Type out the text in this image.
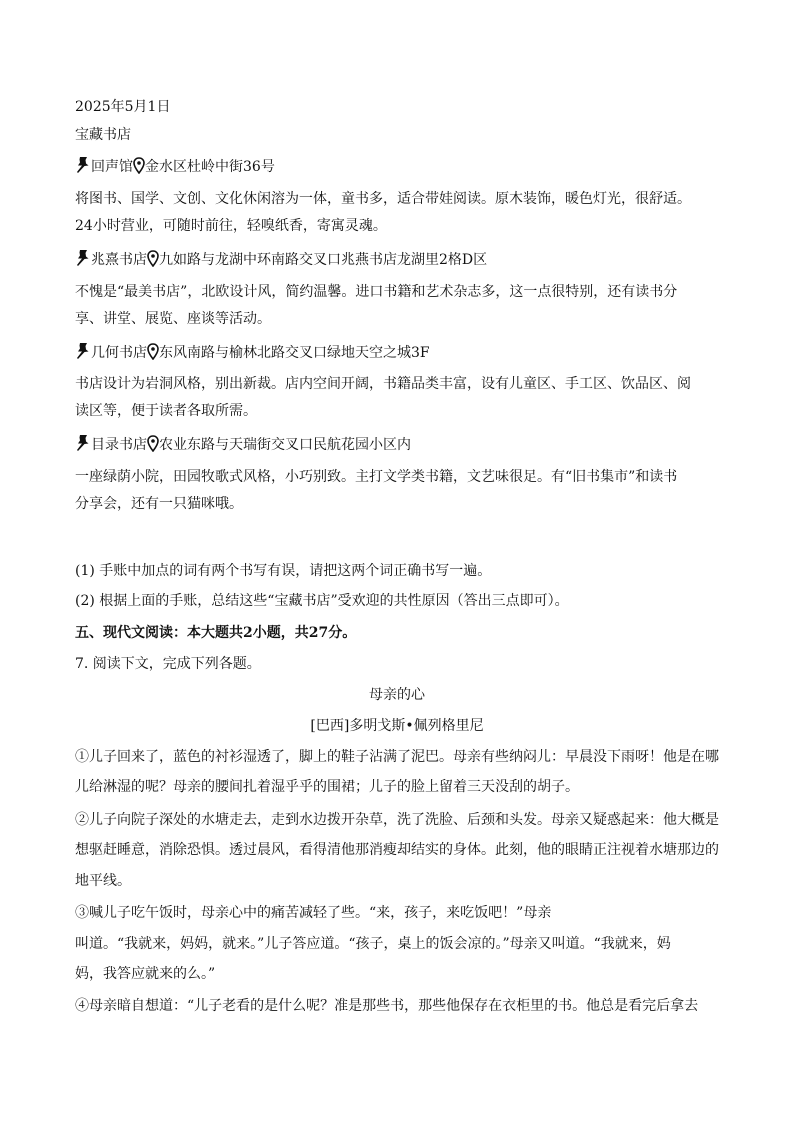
2025年5月1日
宝藏书店
回声馆 金水区杜岭中街36号
将图书、国学、文创、文化休闲溶为一体，童书多，适合带娃阅读。原木装饰，暖色灯光，很舒适。
24小时营业，可随时前往，轻嗅纸香，寄寓灵魂。
兆熹书店 九如路与龙湖中环南路交叉口兆燕书店龙湖里2格D区
不愧是“最美书店”，北欧设计风，简约温馨。进口书籍和艺术杂志多，这一点很特别，还有读书分
享、讲堂、展览、座谈等活动。
几何书店 东风南路与榆林北路交叉口绿地天空之城3F
书店设计为岩洞风格，别出新裁。店内空间开阔，书籍品类丰富，设有儿童区、手工区、饮品区、阅
读区等，便于读者各取所需。
目录书店 农业东路与天瑞街交叉口民航花园小区内
一座绿荫小院，田园牧歌式风格，小巧别致。主打文学类书籍，文艺味很足。有“旧书集市”和读书
分享会，还有一只猫咪哦。
(1) 手账中加点的词有两个书写有误，请把这两个词正确书写一遍。
(2) 根据上面的手账，总结这些“宝藏书店”受欢迎的共性原因（答出三点即可）。
五、现代文阅读：本大题共2小题，共27分。
7. 阅读下文，完成下列各题。
母亲的心
[巴西]多明戈斯•佩列格里尼
①儿子回来了，蓝色的衬衫湿透了，脚上的鞋子沾满了泥巴。母亲有些纳闷儿：早晨没下雨呀！他是在哪
儿给淋湿的呢？母亲的腰间扎着湿乎乎的围裙；儿子的脸上留着三天没刮的胡子。
②儿子向院子深处的水塘走去，走到水边拨开杂草，洗了洗脸、后颈和头发。母亲又疑惑起来：他大概是
想驱赶睡意，消除恐惧。透过晨风，看得清他那消瘦却结实的身体。此刻，他的眼睛正注视着水塘那边的
地平线。
③喊儿子吃午饭时，母亲心中的痛苦减轻了些。“来，孩子，来吃饭吧！”母亲
叫道。“我就来，妈妈，就来。”儿子答应道。“孩子，桌上的饭会凉的。”母亲又叫道。“我就来，妈
妈，我答应就来的么。”
④母亲暗自想道：“儿子老看的是什么呢？准是那些书，那些他保存在衣柜里的书。他总是看完后拿去
